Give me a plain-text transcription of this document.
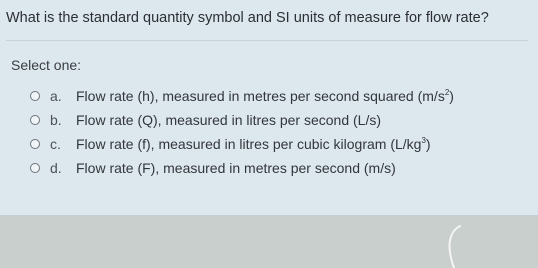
What is the standard quantity symbol and SI units of measure for flow rate?
Select one:
a. Flow rate (h), measured in metres per second squared $(m/s^2)$
b. Flow rate (Q), measured in litres per second (L/s)
c. Flow rate (f), measured in litres per cubic kilogram $(L/kg^3)$
d. Flow rate (F), measured in metres per second (m/s)
